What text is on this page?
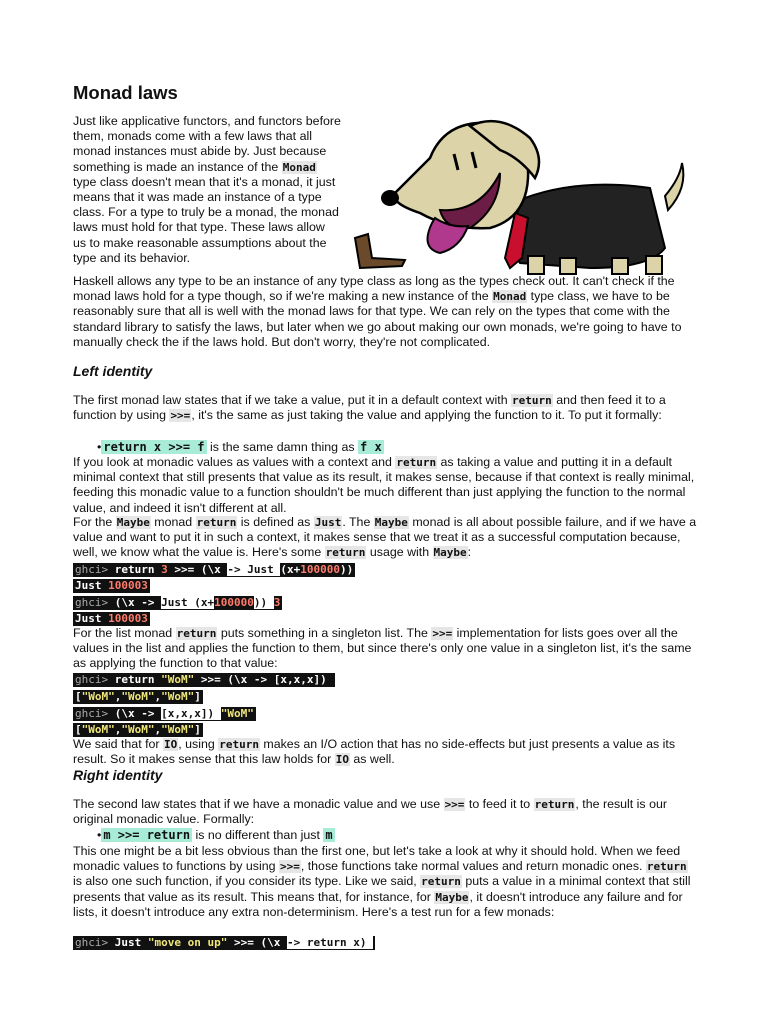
Monad laws

Just like applicative functors, and functors before them, monads come with a few laws that all monad instances must abide by. Just because something is made an instance of the Monad type class doesn't mean that it's a monad, it just means that it was made an instance of a type class. For a type to truly be a monad, the monad laws must hold for that type. These laws allow us to make reasonable assumptions about the type and its behavior.

Haskell allows any type to be an instance of any type class as long as the types check out. It can't check if the monad laws hold for a type though, so if we're making a new instance of the Monad type class, we have to be reasonably sure that all is well with the monad laws for that type. We can rely on the types that come with the standard library to satisfy the laws, but later when we go about making our own monads, we're going to have to manually check the if the laws hold. But don't worry, they're not complicated.

Left identity

The first monad law states that if we take a value, put it in a default context with return and then feed it to a function by using >>=, it's the same as just taking the value and applying the function to it. To put it formally:

• return x >>= f is the same damn thing as f x

If you look at monadic values as values with a context and return as taking a value and putting it in a default minimal context that still presents that value as its result, it makes sense, because if that context is really minimal, feeding this monadic value to a function shouldn't be much different than just applying the function to the normal value, and indeed it isn't different at all.

For the Maybe monad return is defined as Just. The Maybe monad is all about possible failure, and if we have a value and want to put it in such a context, it makes sense that we treat it as a successful computation because, well, we know what the value is. Here's some return usage with Maybe:

ghci> return 3 >>= (\x -> Just (x+100000))
Just 100003
ghci> (\x -> Just (x+100000)) 3
Just 100003

For the list monad return puts something in a singleton list. The >>= implementation for lists goes over all the values in the list and applies the function to them, but since there's only one value in a singleton list, it's the same as applying the function to that value:

ghci> return "WoM" >>= (\x -> [x,x,x])
["WoM","WoM","WoM"]
ghci> (\x -> [x,x,x]) "WoM"
["WoM","WoM","WoM"]

We said that for IO, using return makes an I/O action that has no side-effects but just presents a value as its result. So it makes sense that this law holds for IO as well.

Right identity

The second law states that if we have a monadic value and we use >>= to feed it to return, the result is our original monadic value. Formally:

• m >>= return is no different than just m

This one might be a bit less obvious than the first one, but let's take a look at why it should hold. When we feed monadic values to functions by using >>=, those functions take normal values and return monadic ones. return is also one such function, if you consider its type. Like we said, return puts a value in a minimal context that still presents that value as its result. This means that, for instance, for Maybe, it doesn't introduce any failure and for lists, it doesn't introduce any extra non-determinism. Here's a test run for a few monads:

ghci> Just "move on up" >>= (\x -> return x)
